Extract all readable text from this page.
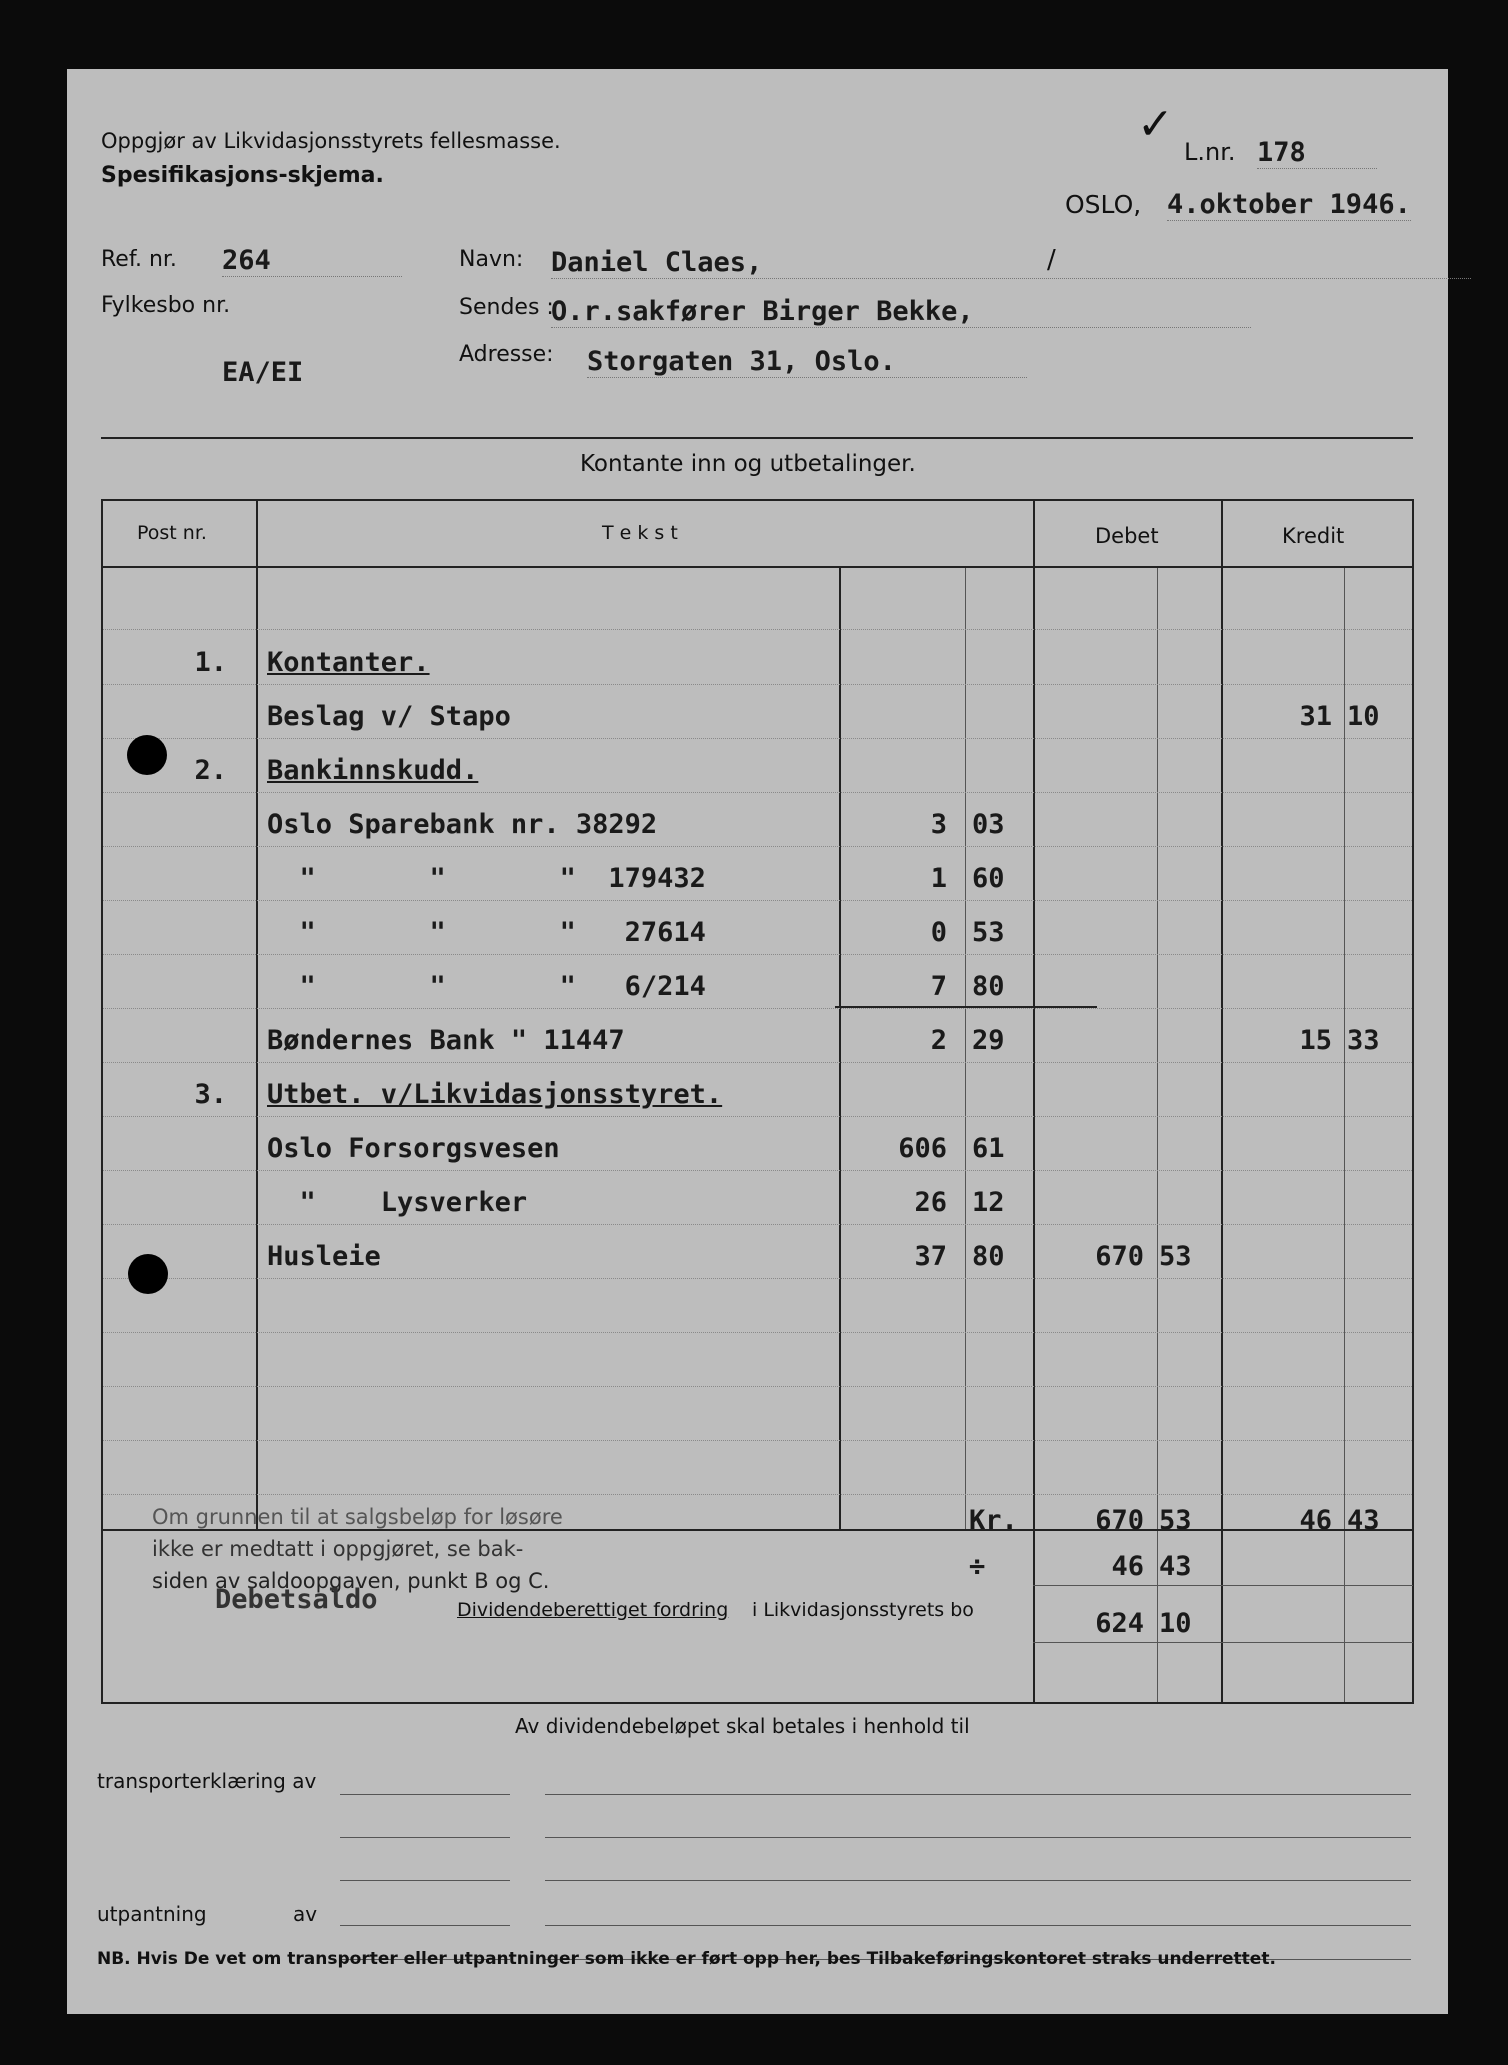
Oppgjør av Likvidasjonsstyrets fellesmasse.
Spesifikasjons-skjema.
✓
L.nr. 178
OSLO, 4.oktober 1946.
Ref. nr. 264
Fylkesbo nr.
EA/EI
Navn: Daniel Claes,	/
Sendes :
O.r.sakfører Birger Bekke,
Adresse: Storgaten 31, Oslo.
Kontante inn og utbetalinger.
Post nr.	T e k s t	Debet	Kredit
1. Kontanter.
Beslag v/ Stapo	31 10
2. Bankinnskudd.
Oslo Sparebank nr. 38292	3 03
"       "       "  179432	1 60
"       "       "   27614	0 53
"       "       "   6/214	7 80
Bøndernes Bank " 11447	2 29	15 33
3. Utbet. v/Likvidasjonsstyret.
Oslo Forsorgsvesen	606 61
"    Lysverker	26 12
Husleie	37 80	670 53
Om grunnen til at salgsbeløp for løsøre
ikke er medtatt i oppgjøret, se bak-
siden av saldoopgaven, punkt B og C.
Debetsaldo	Dividendeberettiget fordring i Likvidasjonsstyrets bo
Kr.
÷
670 53	46 43
46 43
624 10
Av dividendebeløpet skal betales i henhold til
transporterklæring av
utpantning	av
NB. Hvis De vet om transporter eller utpantninger som ikke er ført opp her, bes Tilbakeføringskontoret straks underrettet.
